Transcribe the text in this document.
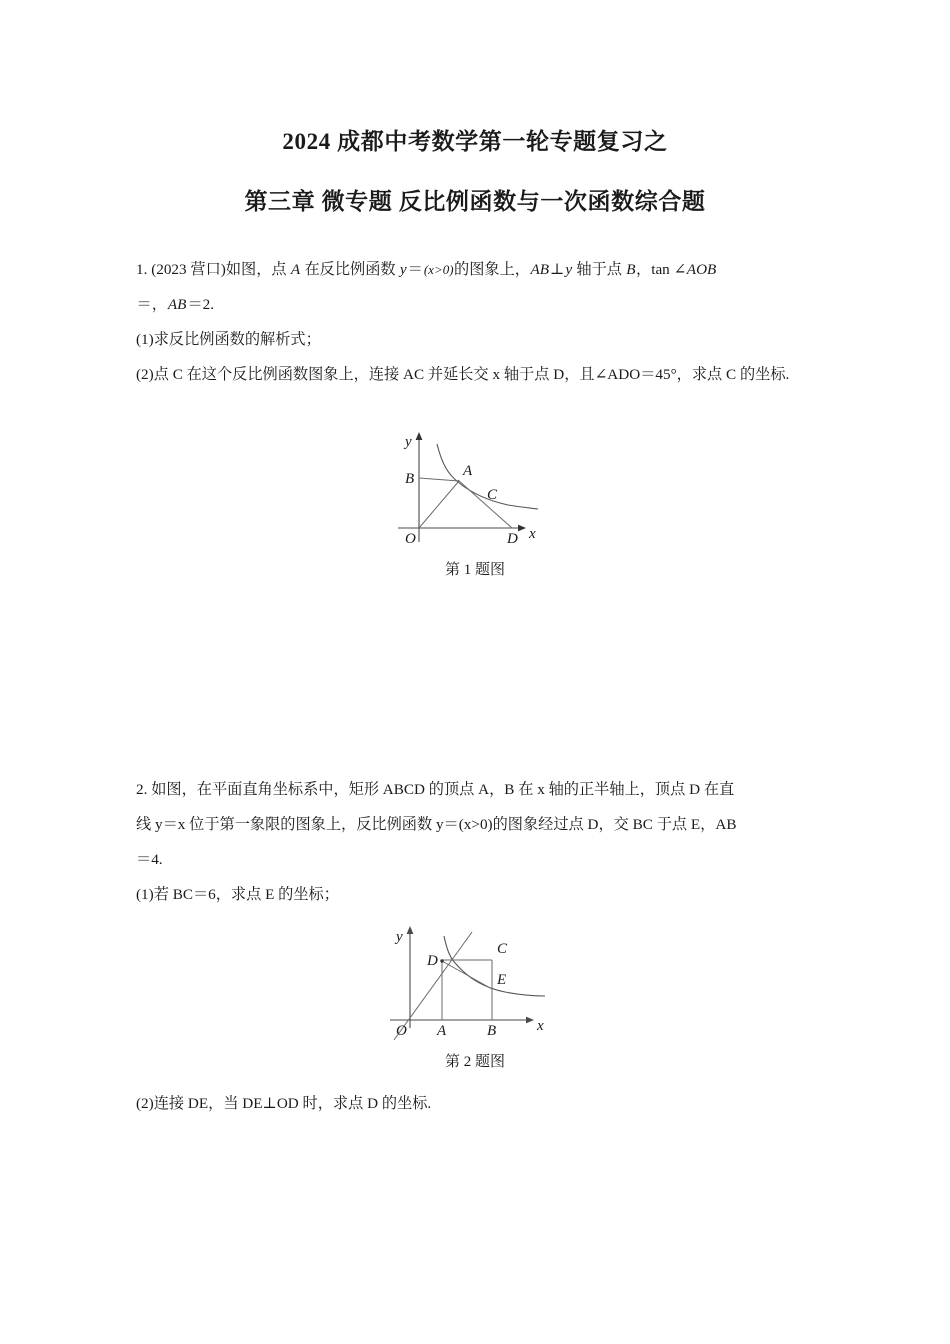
2024 成都中考数学第一轮专题复习之
第三章 微专题 反比例函数与一次函数综合题

1. (2023 营口)如图，点 A 在反比例函数 y＝(x>0)的图象上，AB⊥y 轴于点 B，tan ∠AOB

＝，AB＝2.

(1)求反比例函数的解析式；

(2)点 C 在这个反比例函数图象上，连接 AC 并延长交 x 轴于点 D，且∠ADO＝45°，求点 C 的坐标.

y
x
B	A
C
D
O
第 1 题图

2. 如图，在平面直角坐标系中，矩形 ABCD 的顶点 A，B 在 x 轴的正半轴上，顶点 D 在直

线 y＝x 位于第一象限的图象上，反比例函数 y＝(x>0)的图象经过点 D，交 BC 于点 E，AB

＝4.

(1)若 BC＝6，求点 E 的坐标；

y
x
D
C
E
A	B
O
第 2 题图

(2)连接 DE，当 DE⊥OD 时，求点 D 的坐标.
